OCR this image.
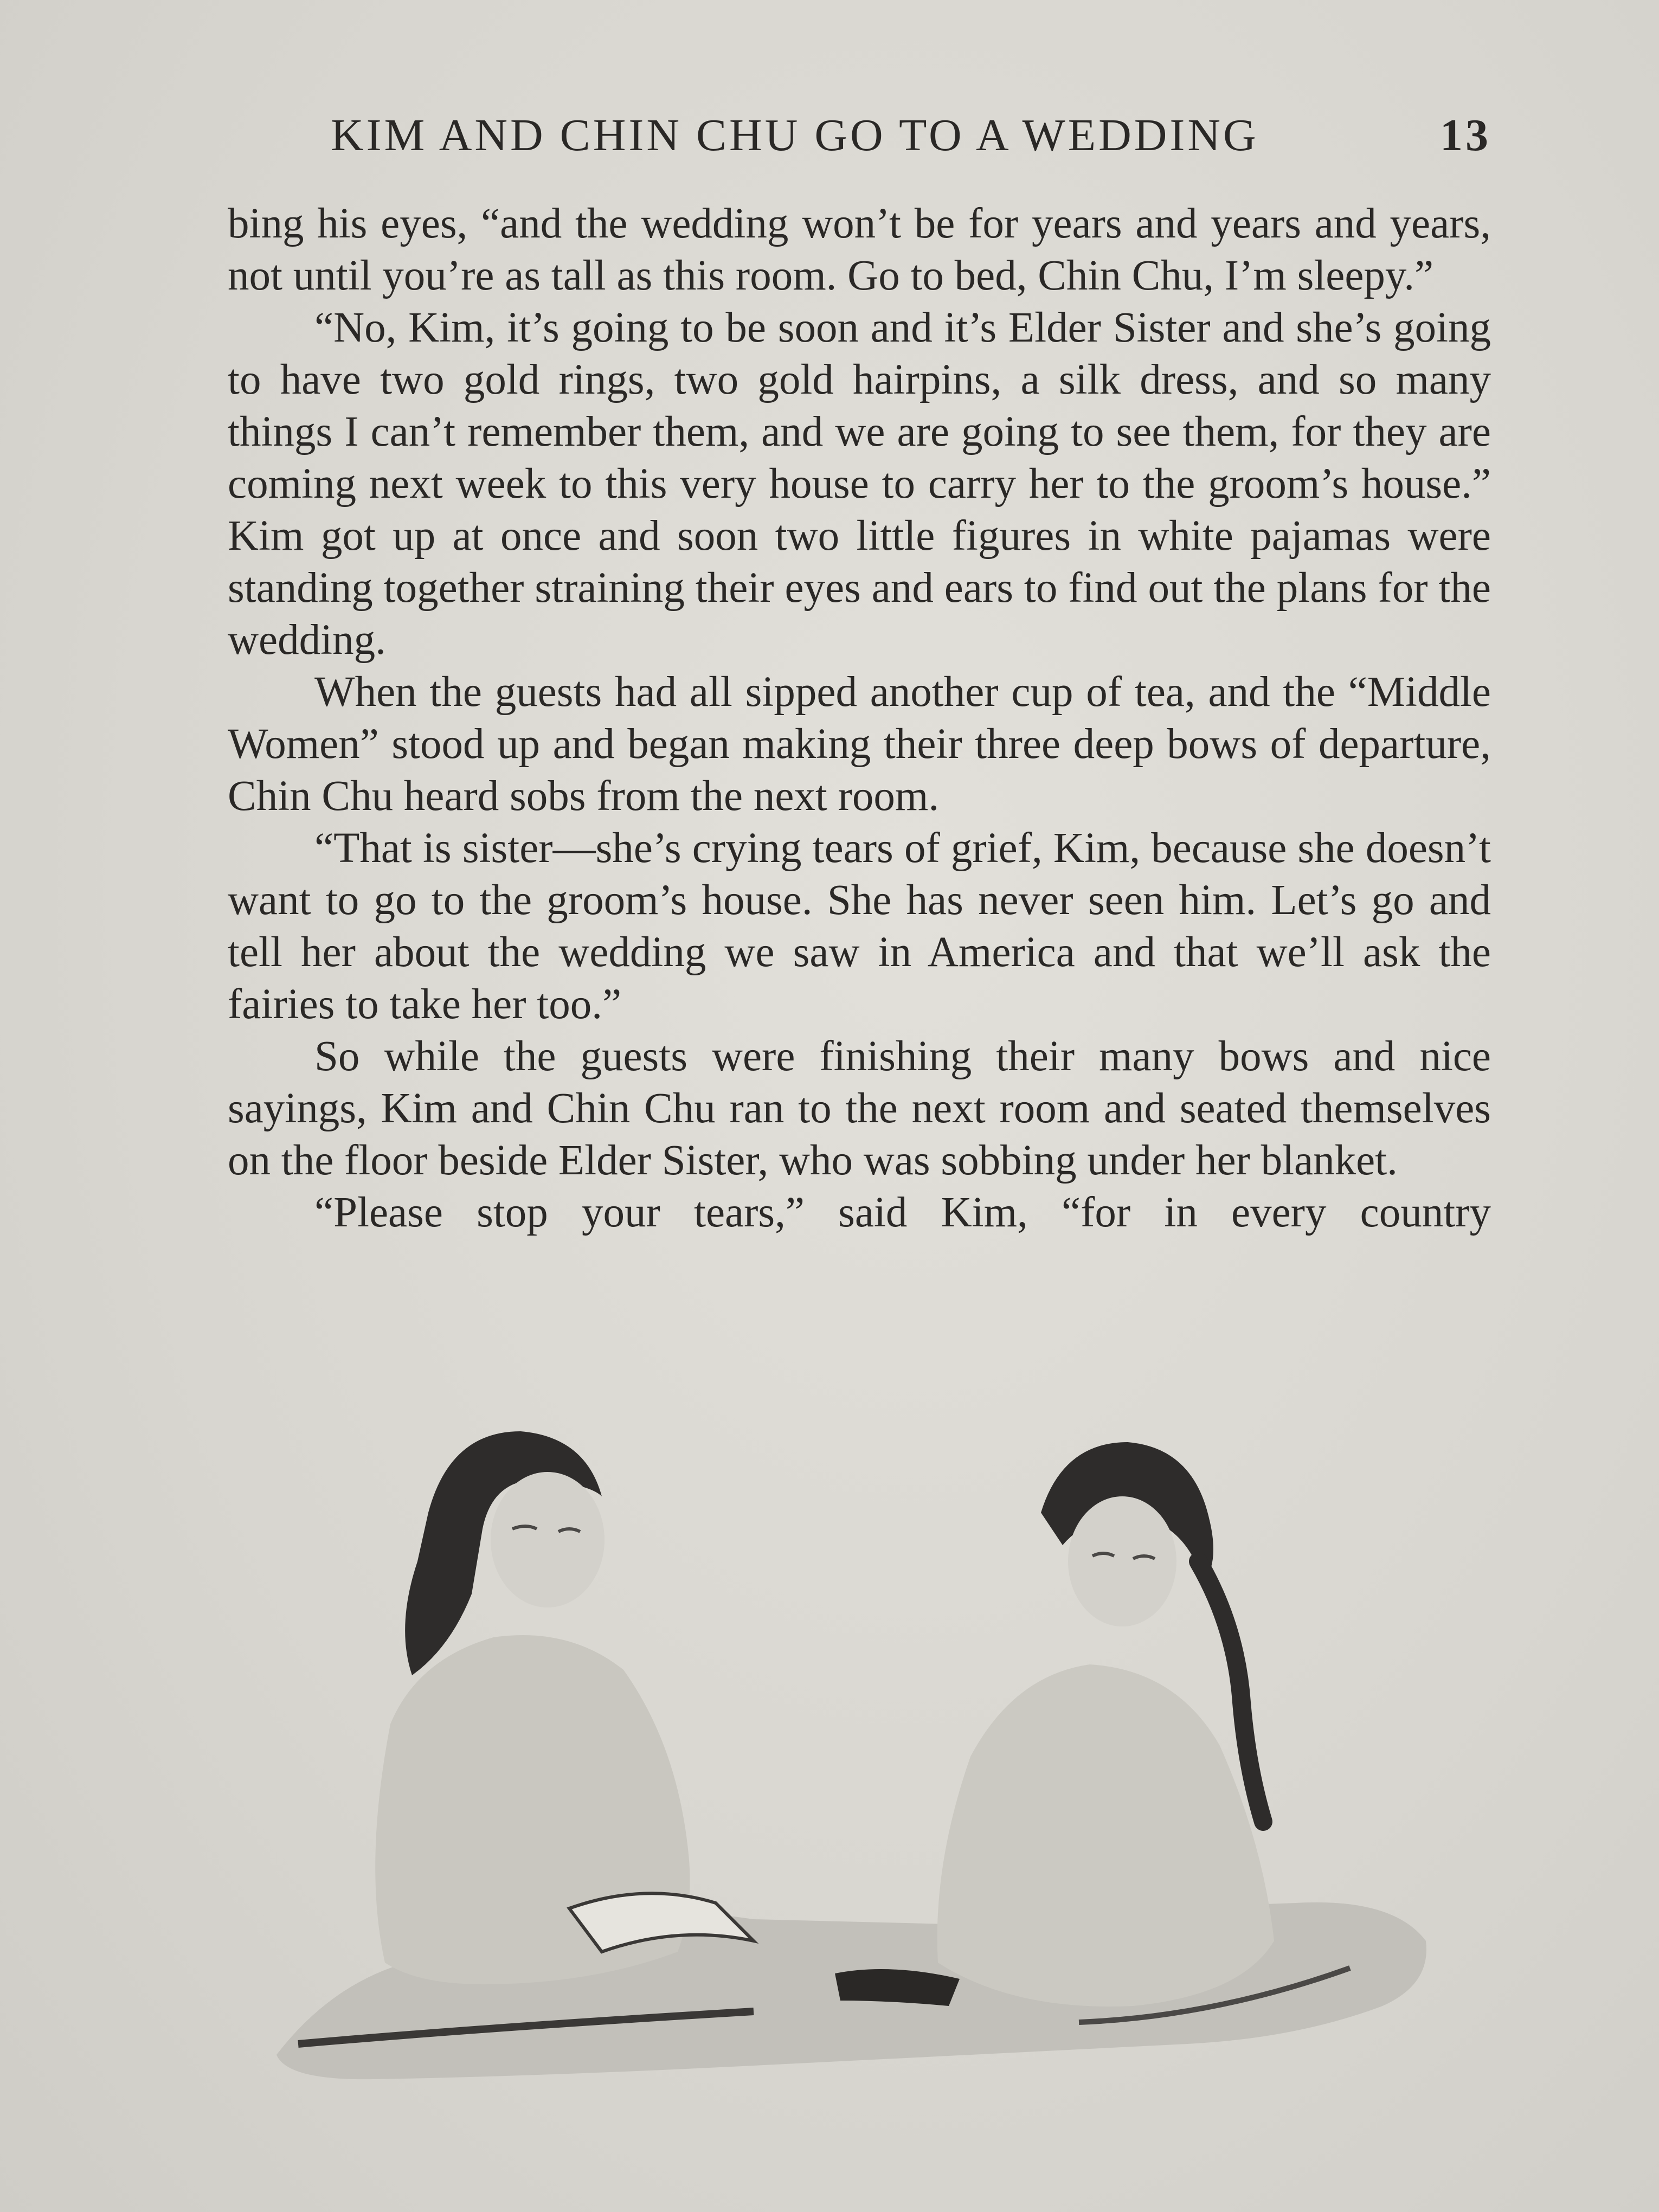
KIM AND CHIN CHU GO TO A WEDDING	13

bing his eyes, “and the wedding won’t be for years and years and years, not until you’re as tall as this room. Go to bed, Chin Chu, I’m sleepy.”

“No, Kim, it’s going to be soon and it’s Elder Sister and she’s going to have two gold rings, two gold hairpins, a silk dress, and so many things I can’t remember them, and we are going to see them, for they are coming next week to this very house to carry her to the groom’s house.” Kim got up at once and soon two little figures in white pajamas were standing together straining their eyes and ears to find out the plans for the wedding.

When the guests had all sipped another cup of tea, and the “Middle Women” stood up and began making their three deep bows of departure, Chin Chu heard sobs from the next room.

“That is sister—she’s crying tears of grief, Kim, because she doesn’t want to go to the groom’s house. She has never seen him. Let’s go and tell her about the wedding we saw in America and that we’ll ask the fairies to take her too.”

So while the guests were finishing their many bows and nice sayings, Kim and Chin Chu ran to the next room and seated themselves on the floor beside Elder Sister, who was sobbing under her blanket.

“Please stop your tears,” said Kim, “for in every country
